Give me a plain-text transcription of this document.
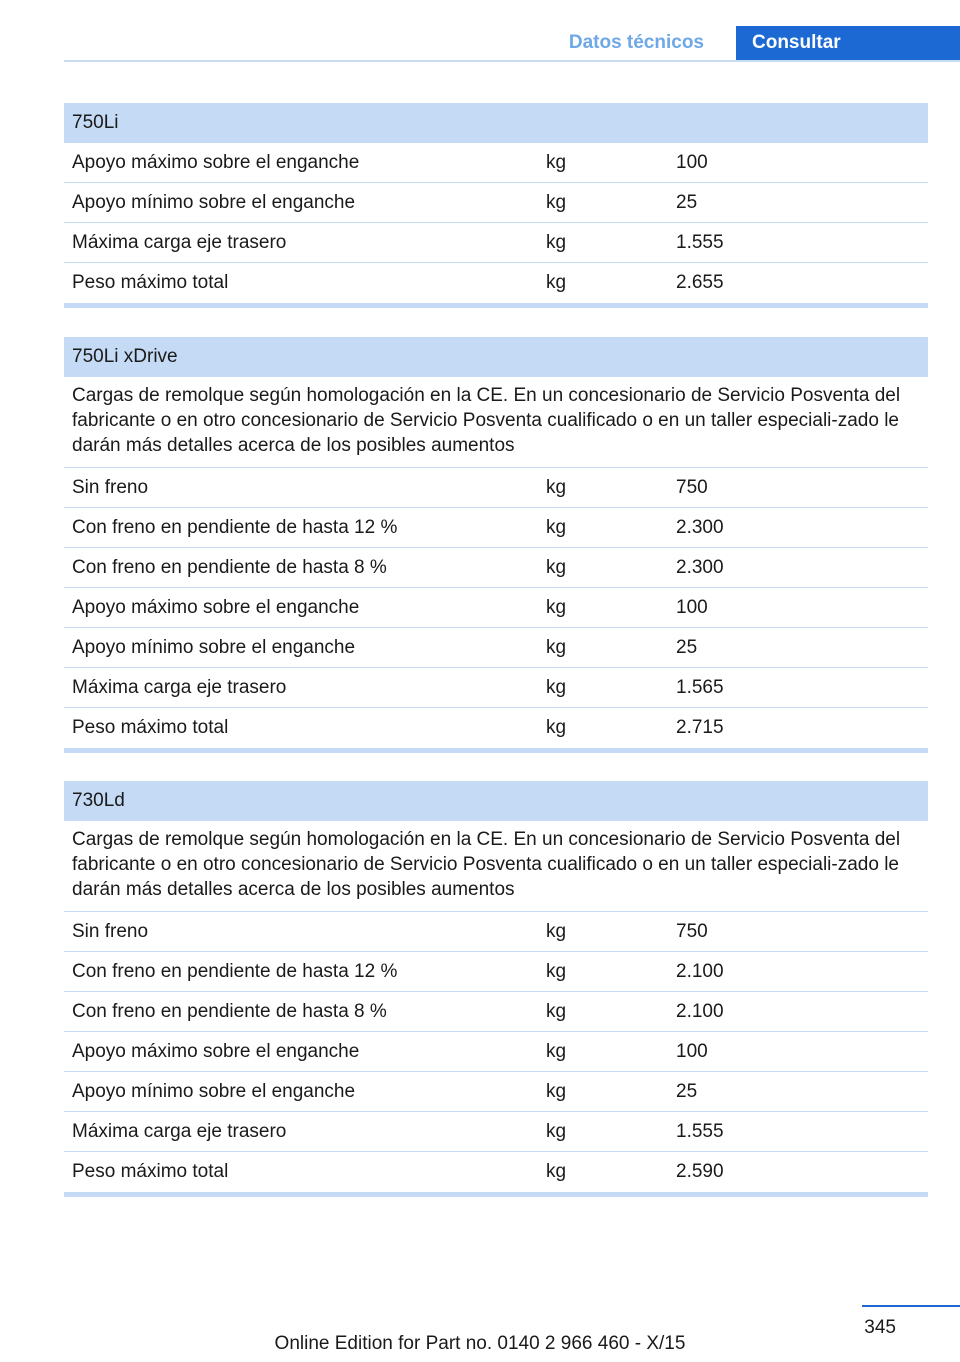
Datos técnicos	Consultar
750Li
Apoyo máximo sobre el enganche	kg	100
Apoyo mínimo sobre el enganche	kg	25
Máxima carga eje trasero	kg	1.555
Peso máximo total	kg	2.655
750Li xDrive
Cargas de remolque según homologación en la CE. En un concesionario de Servicio Posventa del fabricante o en otro concesionario de Servicio Posventa cualificado o en un taller especiali‐zado le darán más detalles acerca de los posibles aumentos
Sin freno	kg	750
Con freno en pendiente de hasta 12 %	kg	2.300
Con freno en pendiente de hasta 8 %	kg	2.300
Apoyo máximo sobre el enganche	kg	100
Apoyo mínimo sobre el enganche	kg	25
Máxima carga eje trasero	kg	1.565
Peso máximo total	kg	2.715
730Ld
Cargas de remolque según homologación en la CE. En un concesionario de Servicio Posventa del fabricante o en otro concesionario de Servicio Posventa cualificado o en un taller especiali‐zado le darán más detalles acerca de los posibles aumentos
Sin freno	kg	750
Con freno en pendiente de hasta 12 %	kg	2.100
Con freno en pendiente de hasta 8 %	kg	2.100
Apoyo máximo sobre el enganche	kg	100
Apoyo mínimo sobre el enganche	kg	25
Máxima carga eje trasero	kg	1.555
Peso máximo total	kg	2.590
345
Online Edition for Part no. 0140 2 966 460 - X/15
